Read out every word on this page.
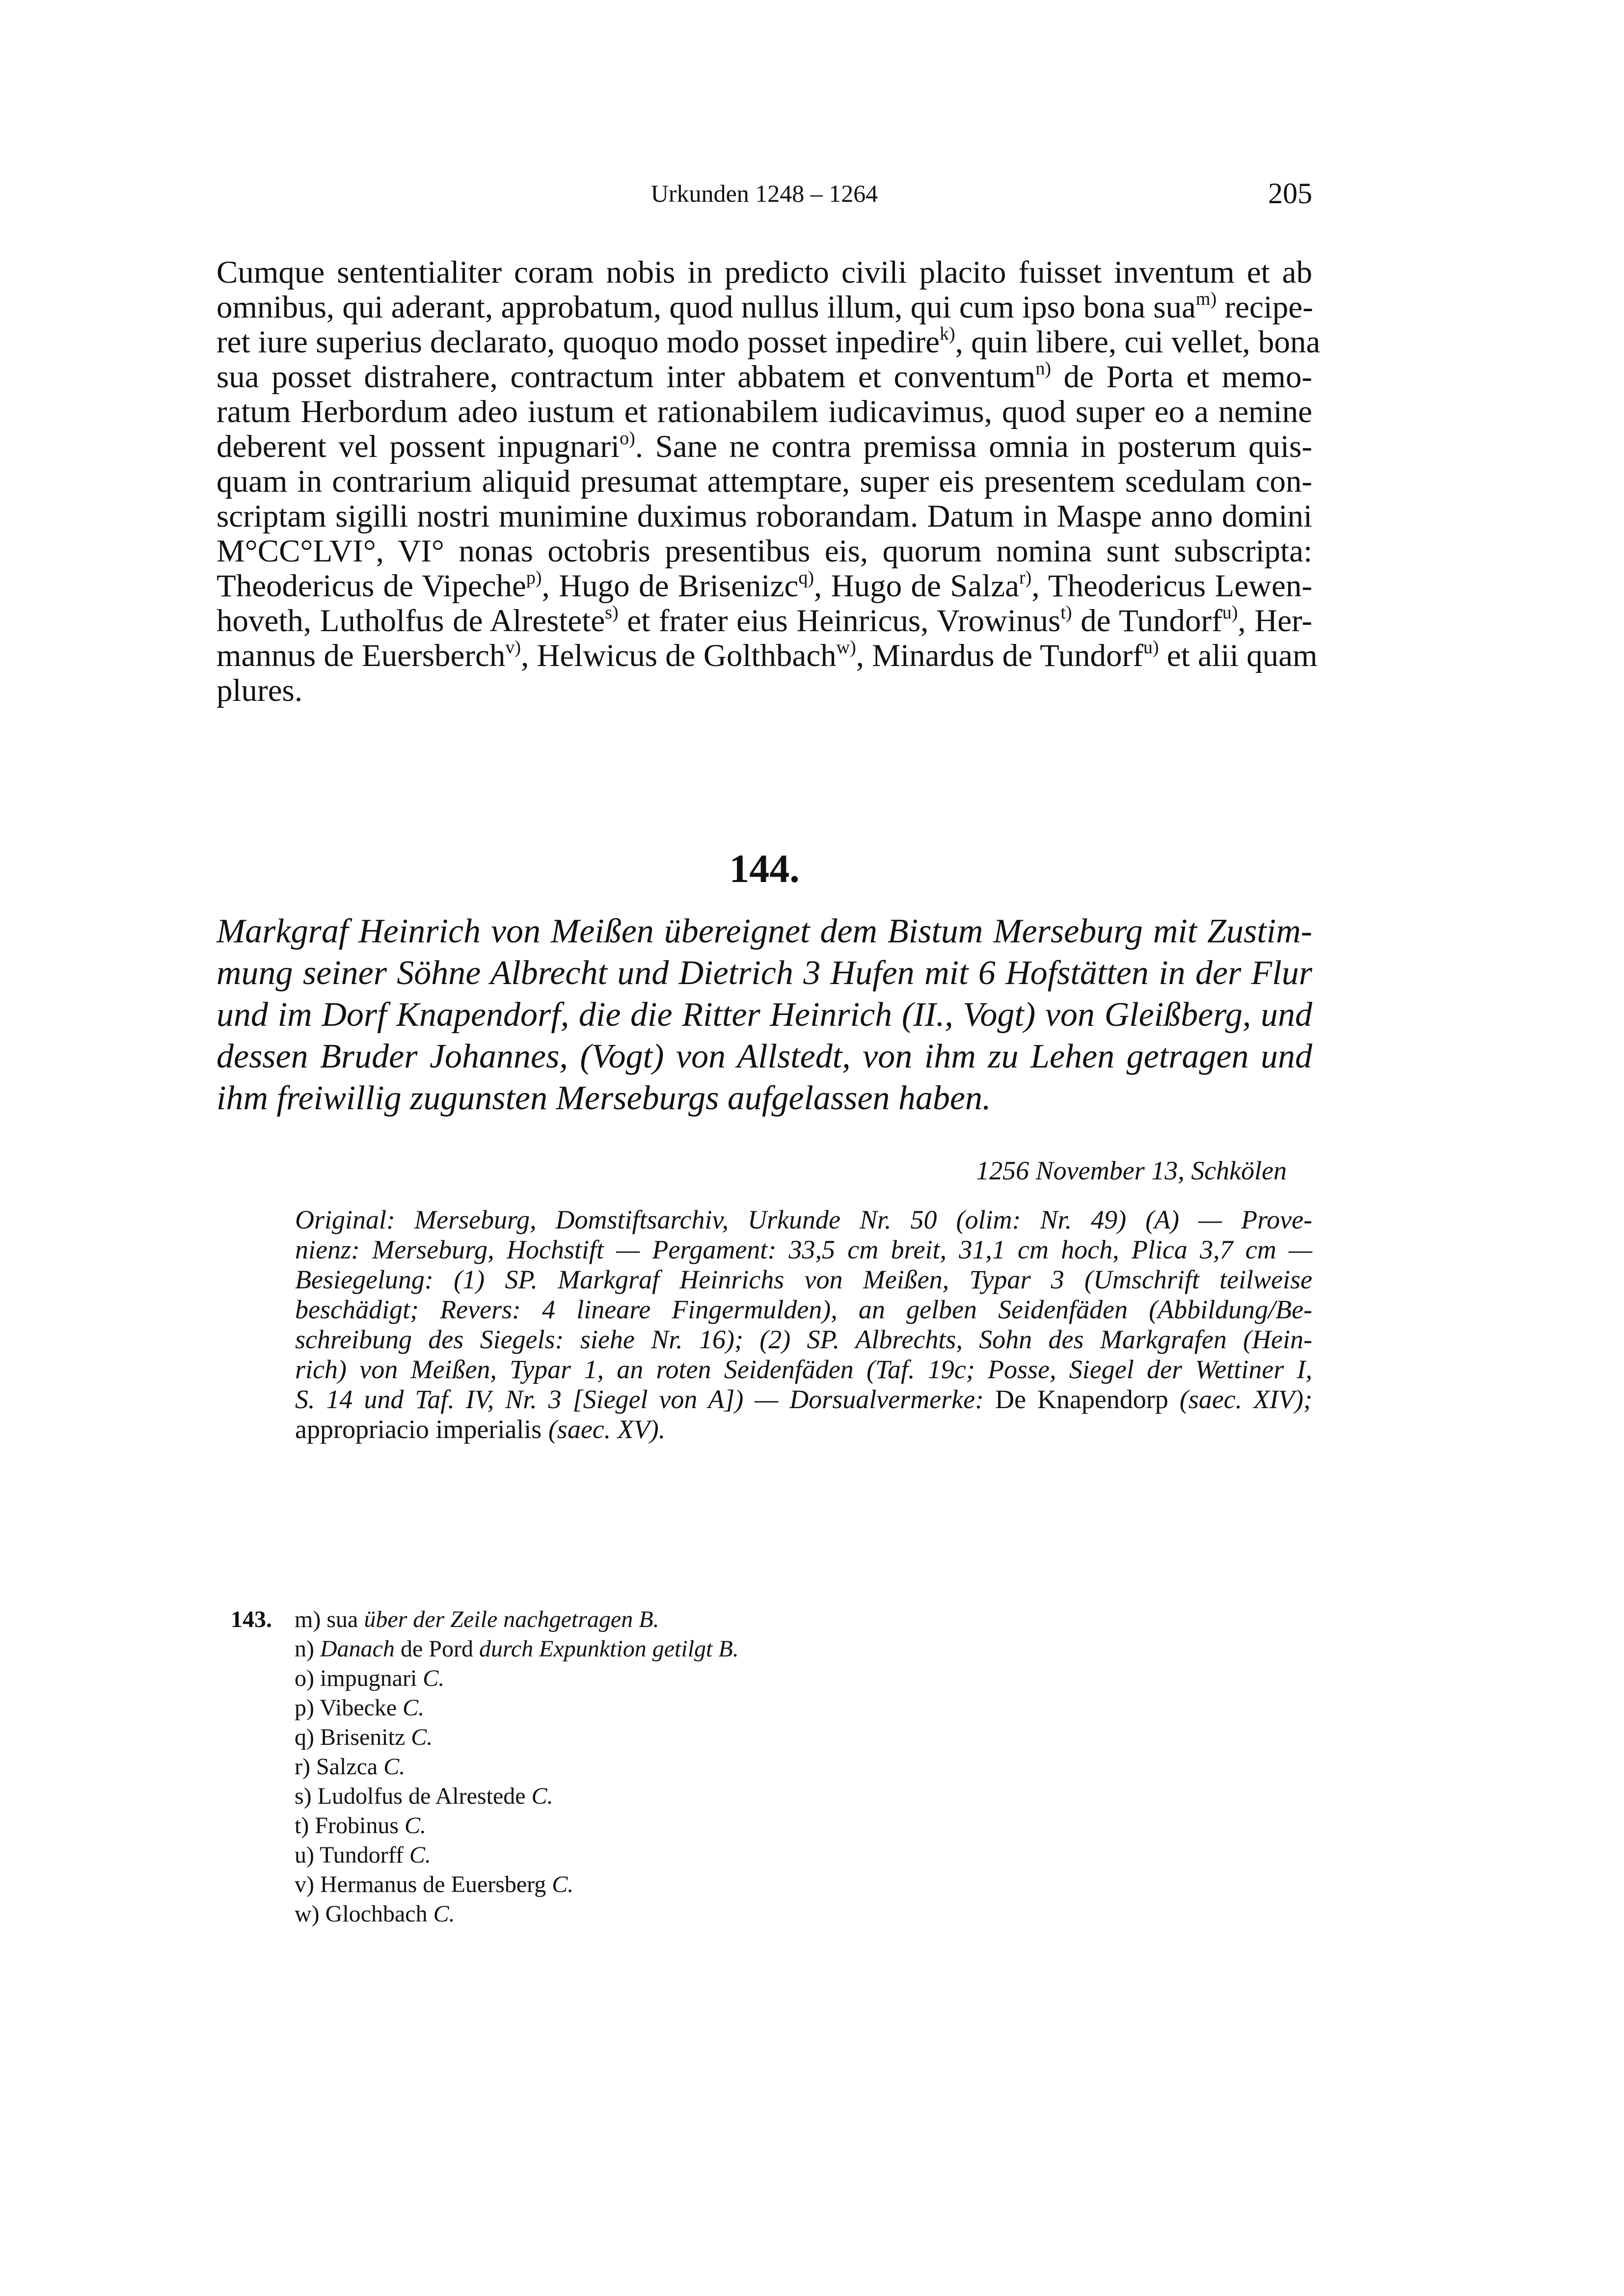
Urkunden 1248 – 1264	205
Cumque sententialiter coram nobis in predicto civili placito fuisset inventum et ab
omnibus, qui aderant, approbatum, quod nullus illum, qui cum ipso bona sua$^{m)}$ recipe-
ret iure superius declarato, quoquo modo posset inpedire$^{k)}$, quin libere, cui vellet, bona
sua posset distrahere, contractum inter abbatem et conventum$^{n)}$ de Porta et memo-
ratum Herbordum adeo iustum et rationabilem iudicavimus, quod super eo a nemine
deberent vel possent inpugnari$^{o)}$. Sane ne contra premissa omnia in posterum quis-
quam in contrarium aliquid presumat attemptare, super eis presentem scedulam con-
scriptam sigilli nostri munimine duximus roborandam. Datum in Maspe anno domini
M°CC°LVI°, VI° nonas octobris presentibus eis, quorum nomina sunt subscripta:
Theodericus de Vipeche$^{p)}$, Hugo de Brisenizc$^{q)}$, Hugo de Salza$^{r)}$, Theodericus Lewen-
hoveth, Lutholfus de Alrestete$^{s)}$ et frater eius Heinricus, Vrowinus$^{t)}$ de Tundorf$^{u)}$, Her-
mannus de Euersberch$^{v)}$, Helwicus de Golthbach$^{w)}$, Minardus de Tundorf$^{u)}$ et alii quam
plures.
144.
Markgraf Heinrich von Meißen übereignet dem Bistum Merseburg mit Zustim-
mung seiner Söhne Albrecht und Dietrich 3 Hufen mit 6 Hofstätten in der Flur
und im Dorf Knapendorf, die die Ritter Heinrich (II., Vogt) von Gleißberg, und
dessen Bruder Johannes, (Vogt) von Allstedt, von ihm zu Lehen getragen und
ihm freiwillig zugunsten Merseburgs aufgelassen haben.
1256 November 13, Schkölen
Original: Merseburg, Domstiftsarchiv, Urkunde Nr. 50 (olim: Nr. 49) (A) — Prove-
nienz: Merseburg, Hochstift — Pergament: 33,5 cm breit, 31,1 cm hoch, Plica 3,7 cm —
Besiegelung: (1) SP. Markgraf Heinrichs von Meißen, Typar 3 (Umschrift teilweise
beschädigt; Revers: 4 lineare Fingermulden), an gelben Seidenfäden (Abbildung/Be-
schreibung des Siegels: siehe Nr. 16); (2) SP. Albrechts, Sohn des Markgrafen (Hein-
rich) von Meißen, Typar 1, an roten Seidenfäden (Taf. 19c; Posse, Siegel der Wettiner I,
S. 14 und Taf. IV, Nr. 3 [Siegel von A]) — Dorsualvermerke: De Knapendorp (saec. XIV);
appropriacio imperialis (saec. XV).
143. m) sua über der Zeile nachgetragen B.
n) Danach de Pord durch Expunktion getilgt B.
o) impugnari C.
p) Vibecke C.
q) Brisenitz C.
r) Salzca C.
s) Ludolfus de Alrestede C.
t) Frobinus C.
u) Tundorff C.
v) Hermanus de Euersberg C.
w) Glochbach C.
